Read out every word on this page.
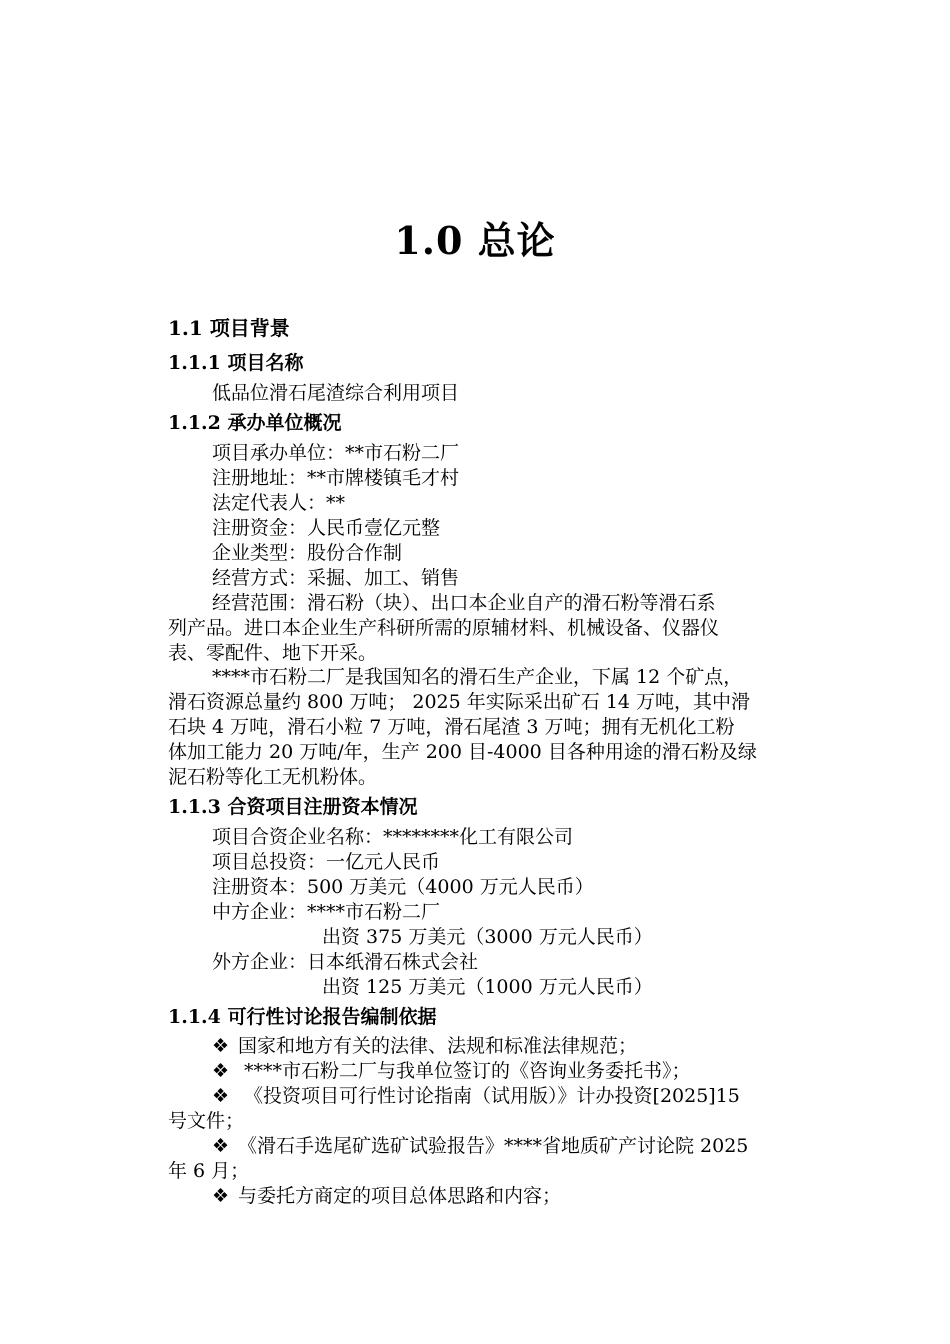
1.0 总论
1.1 项目背景
1.1.1 项目名称
低品位滑石尾渣综合利用项目
1.1.2 承办单位概况
项目承办单位：**市石粉二厂
注册地址：**市牌楼镇毛才村
法定代表人：**
注册资金：人民币壹亿元整
企业类型：股份合作制
经营方式：采掘、加工、销售
经营范围：滑石粉（块）、出口本企业自产的滑石粉等滑石系
列产品。进口本企业生产科研所需的原辅材料、机械设备、仪器仪
表、零配件、地下开采。
****市石粉二厂是我国知名的滑石生产企业，下属 12 个矿点，
滑石资源总量约 800 万吨； 2025 年实际采出矿石 14 万吨，其中滑
石块 4 万吨，滑石小粒 7 万吨，滑石尾渣 3 万吨；拥有无机化工粉
体加工能力 20 万吨/年，生产 200 目-4000 目各种用途的滑石粉及绿
泥石粉等化工无机粉体。
1.1.3 合资项目注册资本情况
项目合资企业名称：********化工有限公司
项目总投资：一亿元人民币
注册资本：500 万美元（4000 万元人民币）
中方企业：****市石粉二厂
出资 375 万美元（3000 万元人民币）
外方企业：日本纸滑石株式会社
出资 125 万美元（1000 万元人民币）
1.1.4 可行性讨论报告编制依据
❖ 国家和地方有关的法律、法规和标准法律规范；
❖ ****市石粉二厂与我单位签订的《咨询业务委托书》；
❖ 《投资项目可行性讨论指南（试用版）》计办投资[2025]15
号文件；
❖ 《滑石手选尾矿选矿试验报告》****省地质矿产讨论院 2025
年 6 月；
❖ 与委托方商定的项目总体思路和内容；
